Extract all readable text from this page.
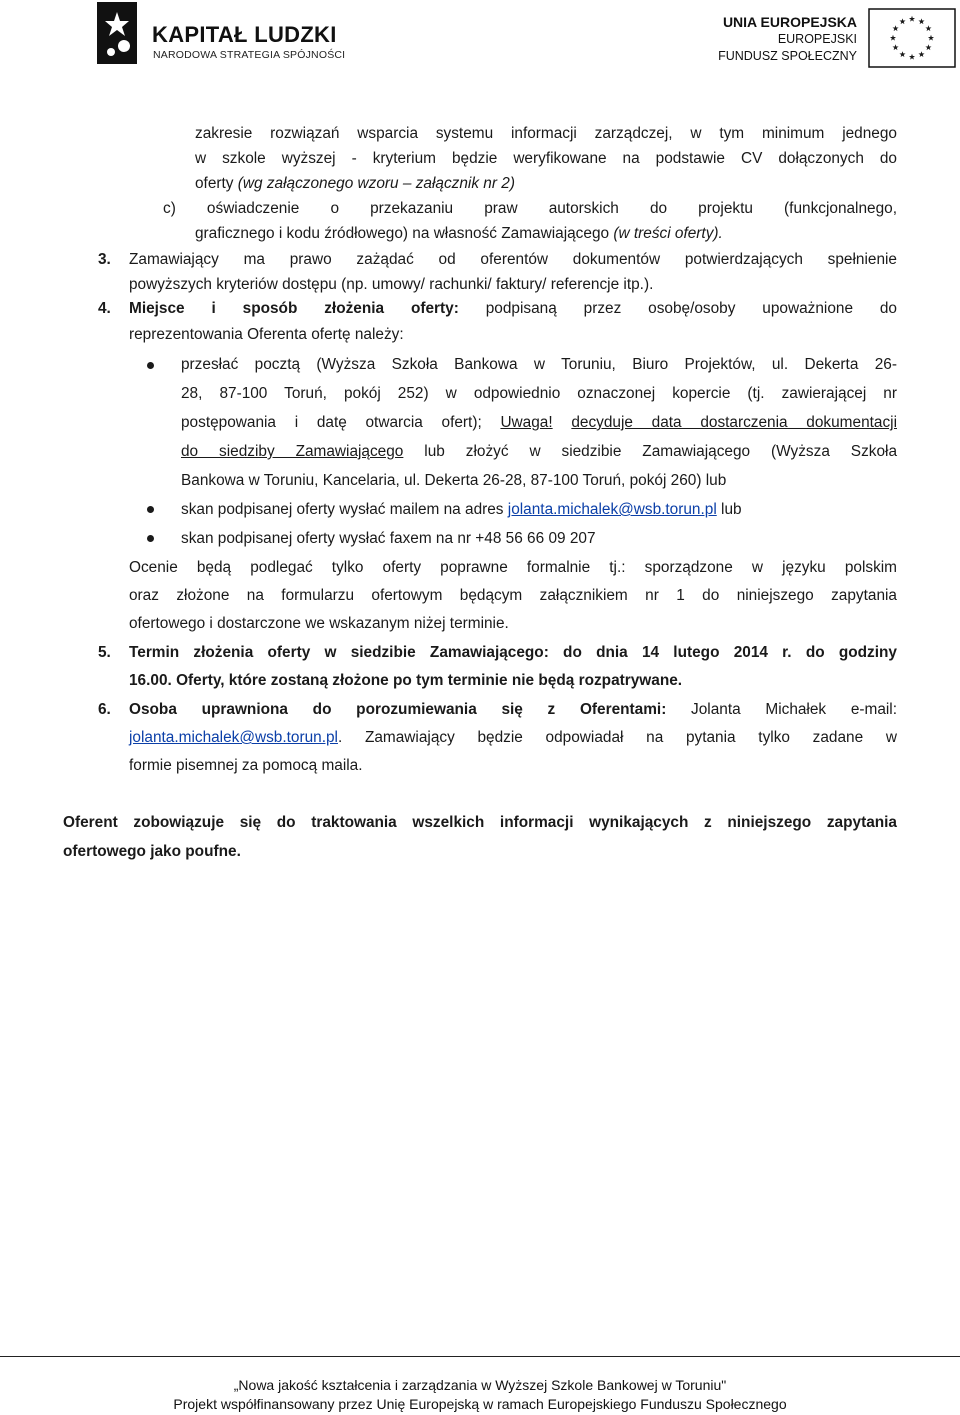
KAPITAŁ LUDZKI
NARODOWA STRATEGIA SPÓJNOŚCI
UNIA EUROPEJSKA
EUROPEJSKI
FUNDUSZ SPOŁECZNY
zakresie rozwiązań wsparcia systemu informacji zarządczej, w tym minimum jednego
w szkole wyższej - kryterium będzie weryfikowane na podstawie CV dołączonych do
oferty (wg załączonego wzoru – załącznik nr 2)
c) oświadczenie o przekazaniu praw autorskich do projektu (funkcjonalnego,
graficznego i kodu źródłowego) na własność Zamawiającego (w treści oferty).
3. Zamawiający ma prawo zażądać od oferentów dokumentów potwierdzających spełnienie
powyższych kryteriów dostępu (np. umowy/ rachunki/ faktury/ referencje itp.).
4. Miejsce i sposób złożenia oferty: podpisaną przez osobę/osoby upoważnione do
reprezentowania Oferenta ofertę należy:
przesłać pocztą (Wyższa Szkoła Bankowa w Toruniu, Biuro Projektów, ul. Dekerta 26-
28, 87-100 Toruń, pokój 252) w odpowiednio oznaczonej kopercie (tj. zawierającej nr
postępowania i datę otwarcia ofert); Uwaga! decyduje data dostarczenia dokumentacji
do siedziby Zamawiającego lub złożyć w siedzibie Zamawiającego (Wyższa Szkoła
Bankowa w Toruniu, Kancelaria, ul. Dekerta 26-28, 87-100 Toruń, pokój 260) lub
skan podpisanej oferty wysłać mailem na adres jolanta.michalek@wsb.torun.pl lub
skan podpisanej oferty wysłać faxem na nr +48 56 66 09 207
Ocenie będą podlegać tylko oferty poprawne formalnie tj.: sporządzone w języku polskim
oraz złożone na formularzu ofertowym będącym załącznikiem nr 1 do niniejszego zapytania
ofertowego i dostarczone we wskazanym niżej terminie.
5. Termin złożenia oferty w siedzibie Zamawiającego: do dnia 14 lutego 2014 r. do godziny
16.00. Oferty, które zostaną złożone po tym terminie nie będą rozpatrywane.
6. Osoba uprawniona do porozumiewania się z Oferentami: Jolanta Michałek e-mail:
jolanta.michalek@wsb.torun.pl. Zamawiający będzie odpowiadał na pytania tylko zadane w
formie pisemnej za pomocą maila.
Oferent zobowiązuje się do traktowania wszelkich informacji wynikających z niniejszego zapytania
ofertowego jako poufne.
„Nowa jakość kształcenia i zarządzania w Wyższej Szkole Bankowej w Toruniu"
Projekt współfinansowany przez Unię Europejską w ramach Europejskiego Funduszu Społecznego
